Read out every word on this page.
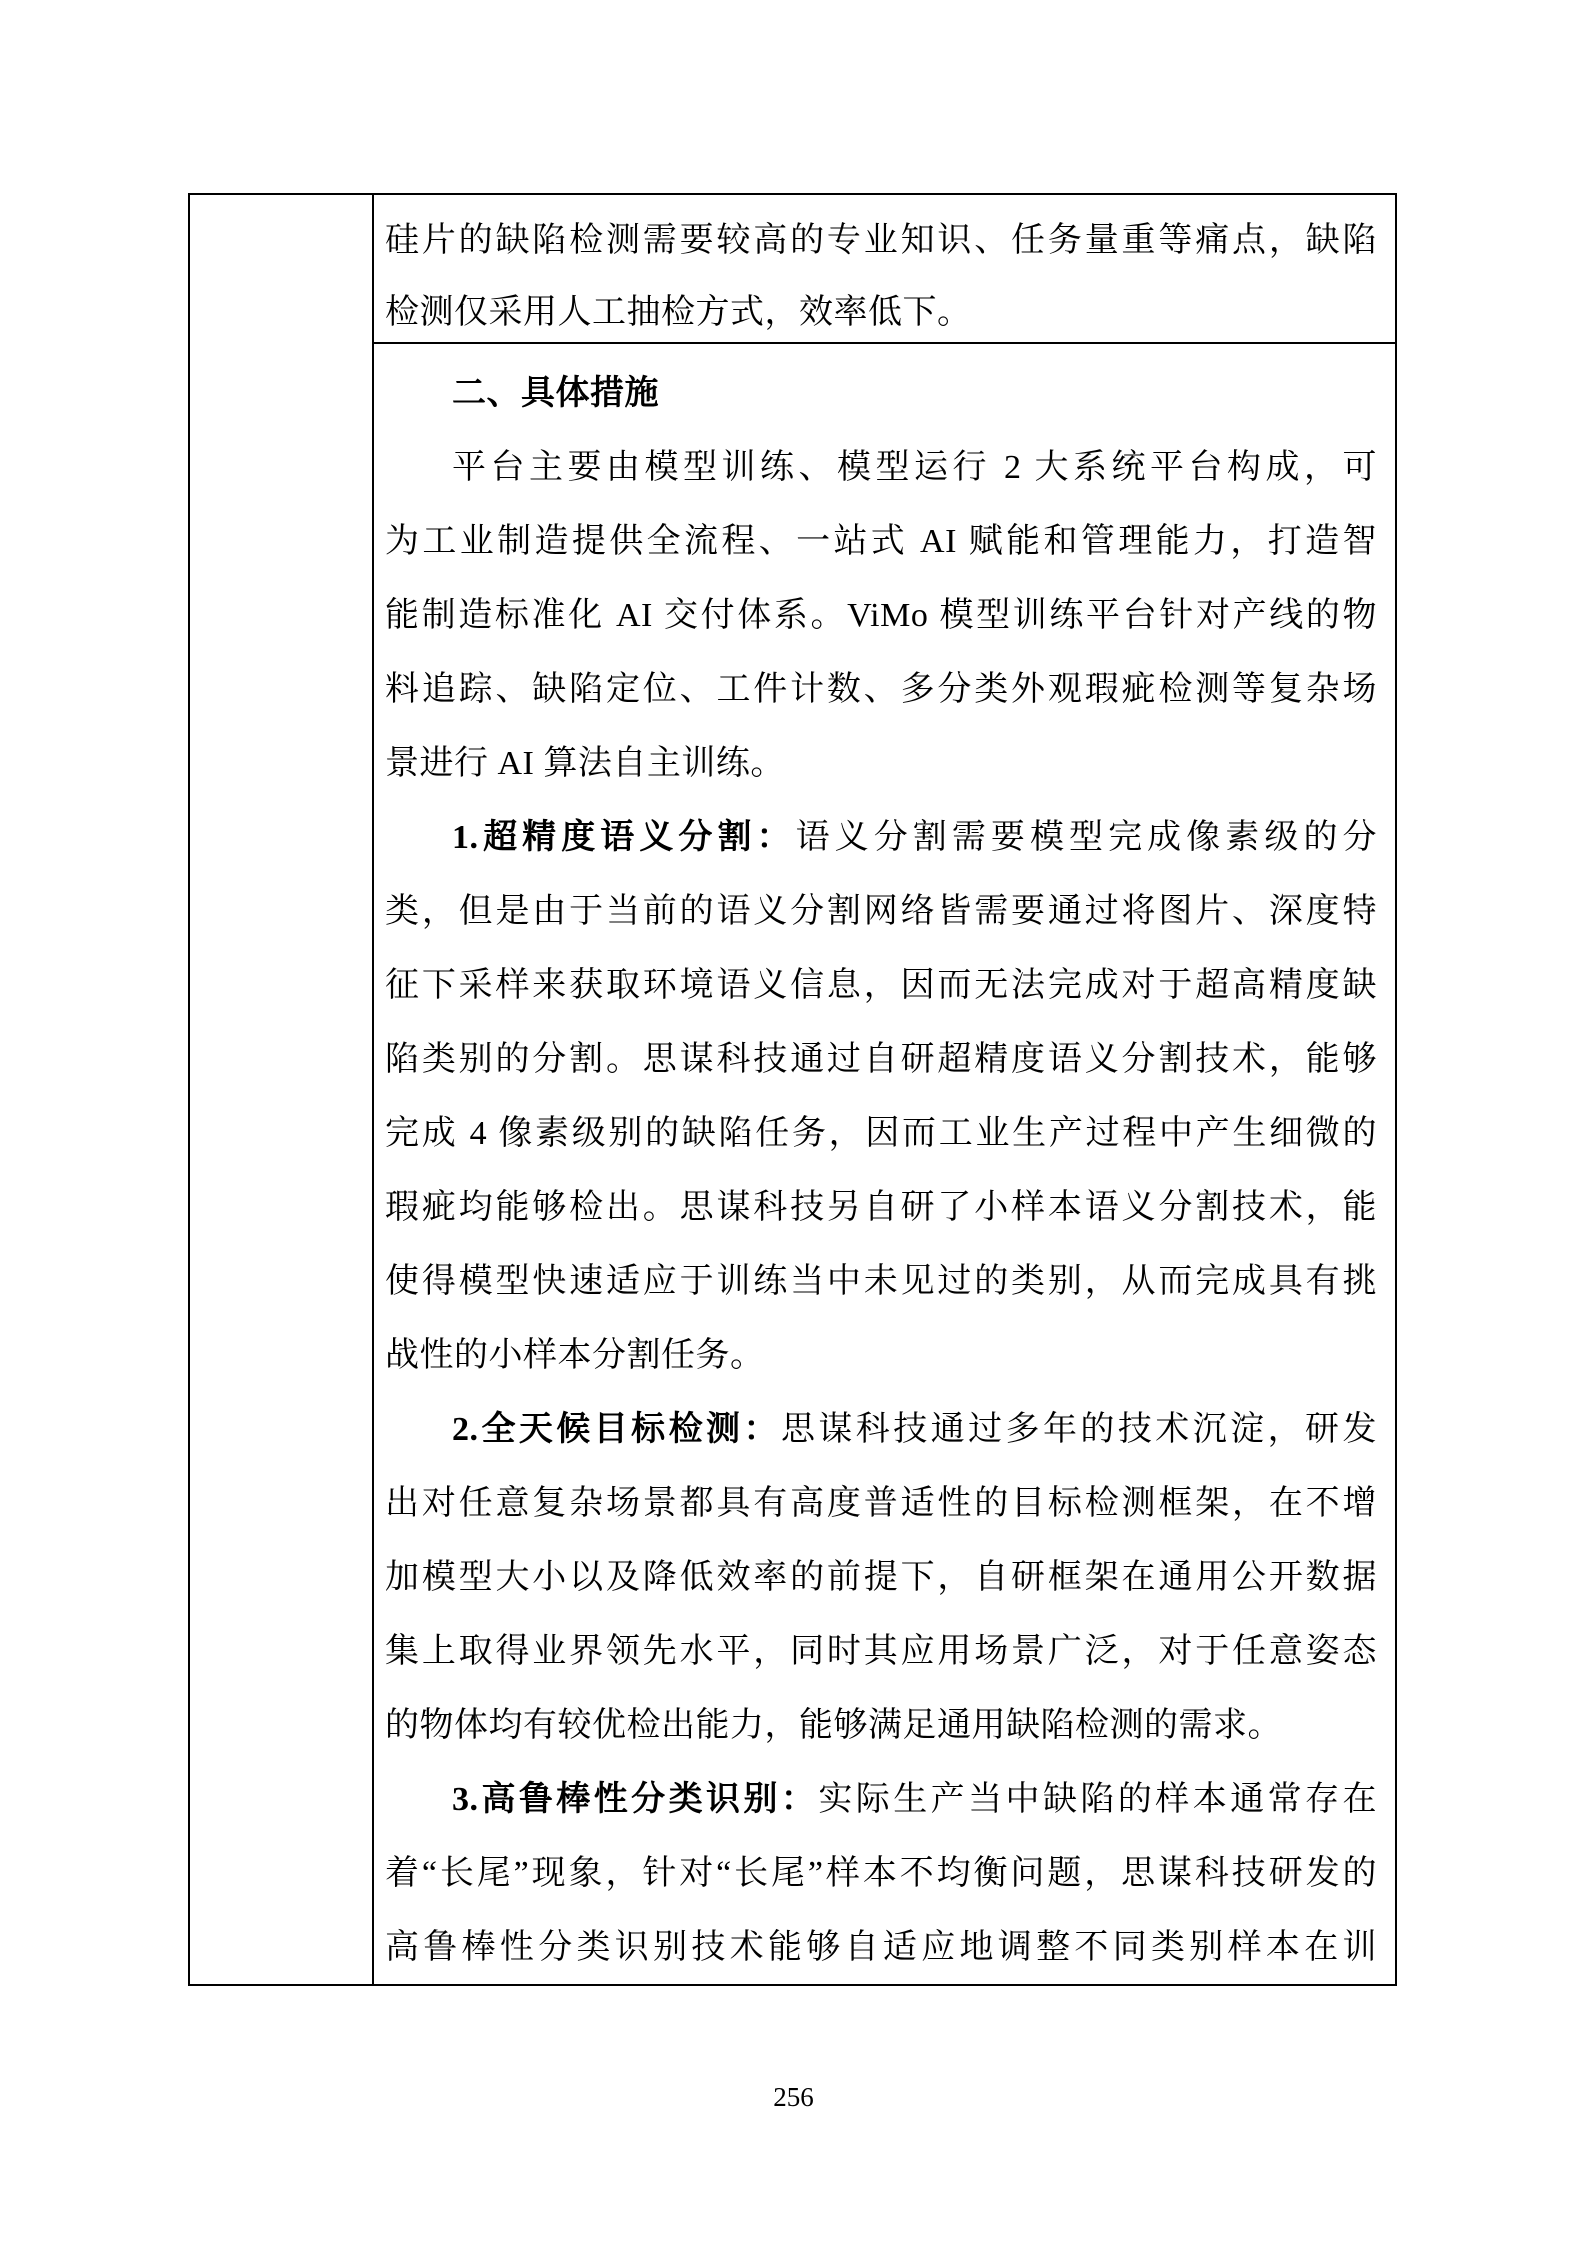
硅片的缺陷检测需要较高的专业知识、任务量重等痛点，缺陷
检测仅采用人工抽检方式，效率低下。
二、具体措施
平台主要由模型训练、模型运行 2 大系统平台构成，可
为工业制造提供全流程、一站式 AI 赋能和管理能力，打造智
能制造标准化 AI 交付体系。ViMo 模型训练平台针对产线的物
料追踪、缺陷定位、工件计数、多分类外观瑕疵检测等复杂场
景进行 AI 算法自主训练。
1.超精度语义分割：语义分割需要模型完成像素级的分
类，但是由于当前的语义分割网络皆需要通过将图片、深度特
征下采样来获取环境语义信息，因而无法完成对于超高精度缺
陷类别的分割。思谋科技通过自研超精度语义分割技术，能够
完成 4 像素级别的缺陷任务，因而工业生产过程中产生细微的
瑕疵均能够检出。思谋科技另自研了小样本语义分割技术，能
使得模型快速适应于训练当中未见过的类别，从而完成具有挑
战性的小样本分割任务。
2.全天候目标检测：思谋科技通过多年的技术沉淀，研发
出对任意复杂场景都具有高度普适性的目标检测框架，在不增
加模型大小以及降低效率的前提下，自研框架在通用公开数据
集上取得业界领先水平，同时其应用场景广泛，对于任意姿态
的物体均有较优检出能力，能够满足通用缺陷检测的需求。
3.高鲁棒性分类识别：实际生产当中缺陷的样本通常存在
着“长尾”现象，针对“长尾”样本不均衡问题，思谋科技研发的
高鲁棒性分类识别技术能够自适应地调整不同类别样本在训
256
